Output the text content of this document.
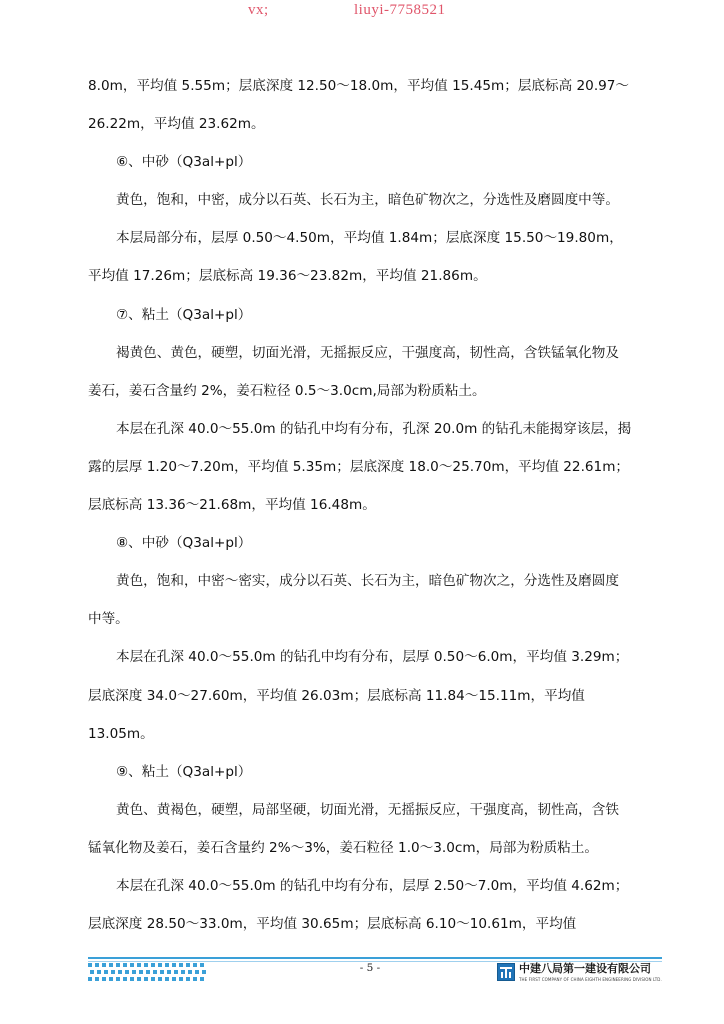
vx;	liuyi-7758521

8.0m，平均值 5.55m；层底深度 12.50～18.0m，平均值 15.45m；层底标高 20.97～

26.22m，平均值 23.62m。

⑥、中砂（Q3al+pl）

黄色，饱和，中密，成分以石英、长石为主，暗色矿物次之，分选性及磨圆度中等。

本层局部分布，层厚 0.50～4.50m，平均值 1.84m；层底深度 15.50～19.80m，

平均值 17.26m；层底标高 19.36～23.82m，平均值 21.86m。

⑦、粘土（Q3al+pl）

褐黄色、黄色，硬塑，切面光滑，无摇振反应，干强度高，韧性高，含铁锰氧化物及

姜石，姜石含量约 2%，姜石粒径 0.5～3.0cm,局部为粉质粘土。

本层在孔深 40.0～55.0m 的钻孔中均有分布，孔深 20.0m 的钻孔未能揭穿该层，揭

露的层厚 1.20～7.20m，平均值 5.35m；层底深度 18.0～25.70m，平均值 22.61m；

层底标高 13.36～21.68m，平均值 16.48m。

⑧、中砂（Q3al+pl）

黄色，饱和，中密～密实，成分以石英、长石为主，暗色矿物次之，分选性及磨圆度

中等。

本层在孔深 40.0～55.0m 的钻孔中均有分布，层厚 0.50～6.0m，平均值 3.29m；

层底深度 34.0～27.60m，平均值 26.03m；层底标高 11.84～15.11m，平均值

13.05m。

⑨、粘土（Q3al+pl）

黄色、黄褐色，硬塑，局部坚硬，切面光滑，无摇振反应，干强度高，韧性高，含铁

锰氧化物及姜石，姜石含量约 2%～3%，姜石粒径 1.0～3.0cm，局部为粉质粘土。

本层在孔深 40.0～55.0m 的钻孔中均有分布，层厚 2.50～7.0m，平均值 4.62m；

层底深度 28.50～33.0m，平均值 30.65m；层底标高 6.10～10.61m，平均值

- 5 -	中建八局第一建设有限公司
THE FIRST COMPANY OF CHINA EIGHTH ENGINEERING DIVISION LTD.
